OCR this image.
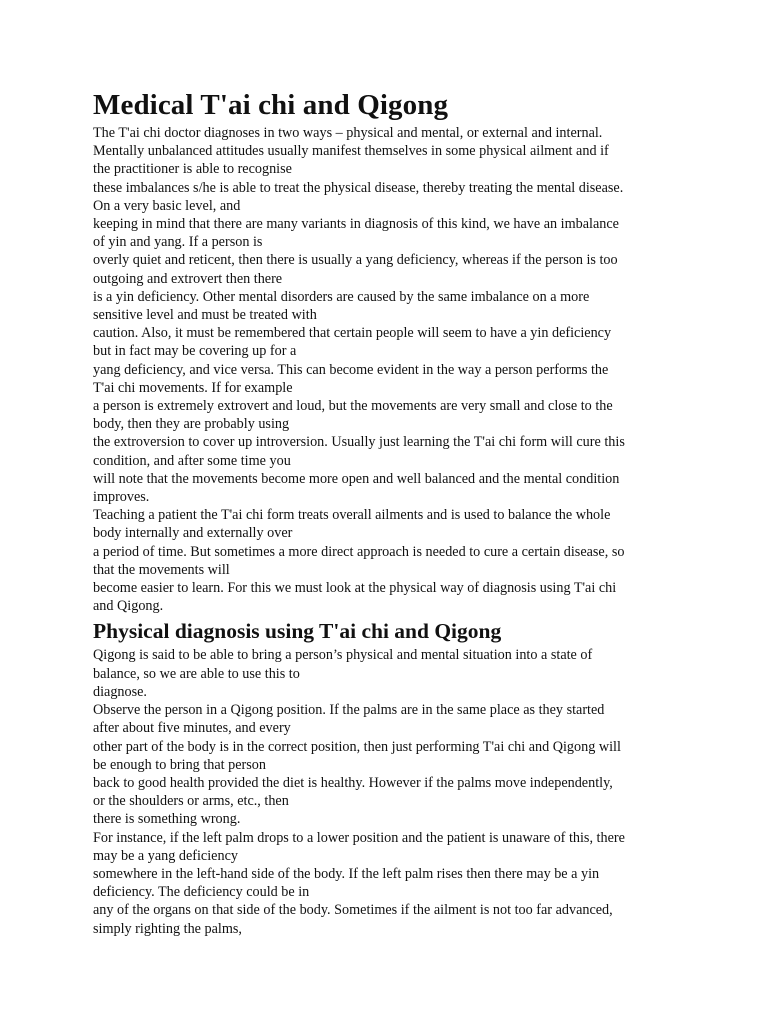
Medical T'ai chi and Qigong
The T'ai chi doctor diagnoses in two ways – physical and mental, or external and internal.
Mentally unbalanced attitudes usually manifest themselves in some physical ailment and if
the practitioner is able to recognise
these imbalances s/he is able to treat the physical disease, thereby treating the mental disease.
On a very basic level, and
keeping in mind that there are many variants in diagnosis of this kind, we have an imbalance
of yin and yang. If a person is
overly quiet and reticent, then there is usually a yang deficiency, whereas if the person is too
outgoing and extrovert then there
is a yin deficiency. Other mental disorders are caused by the same imbalance on a more
sensitive level and must be treated with
caution. Also, it must be remembered that certain people will seem to have a yin deficiency
but in fact may be covering up for a
yang deficiency, and vice versa. This can become evident in the way a person performs the
T'ai chi movements. If for example
a person is extremely extrovert and loud, but the movements are very small and close to the
body, then they are probably using
the extroversion to cover up introversion. Usually just learning the T'ai chi form will cure this
condition, and after some time you
will note that the movements become more open and well balanced and the mental condition
improves.
Teaching a patient the T'ai chi form treats overall ailments and is used to balance the whole
body internally and externally over
a period of time. But sometimes a more direct approach is needed to cure a certain disease, so
that the movements will
become easier to learn. For this we must look at the physical way of diagnosis using T'ai chi
and Qigong.
Physical diagnosis using T'ai chi and Qigong
Qigong is said to be able to bring a person’s physical and mental situation into a state of
balance, so we are able to use this to
diagnose.
Observe the person in a Qigong position. If the palms are in the same place as they started
after about five minutes, and every
other part of the body is in the correct position, then just performing T'ai chi and Qigong will
be enough to bring that person
back to good health provided the diet is healthy. However if the palms move independently,
or the shoulders or arms, etc., then
there is something wrong.
For instance, if the left palm drops to a lower position and the patient is unaware of this, there
may be a yang deficiency
somewhere in the left-hand side of the body. If the left palm rises then there may be a yin
deficiency. The deficiency could be in
any of the organs on that side of the body. Sometimes if the ailment is not too far advanced,
simply righting the palms,
